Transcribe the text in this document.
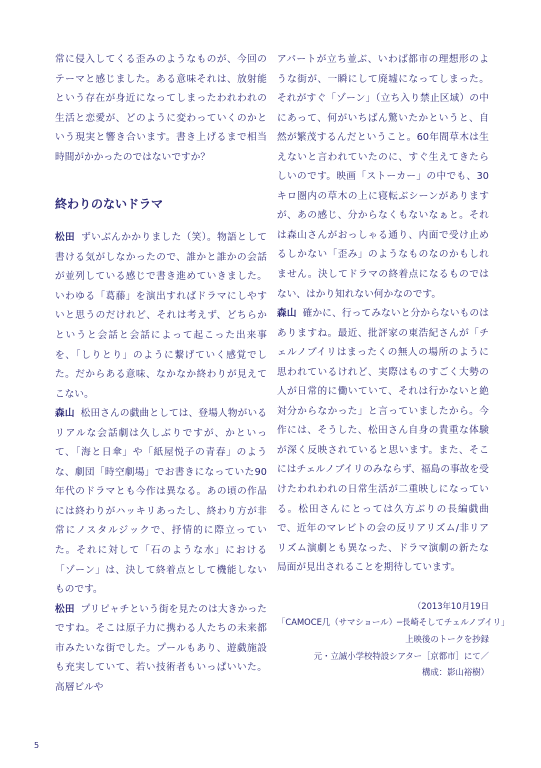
常に侵入してくる歪みのようなものが、今回のテーマと感じました。ある意味それは、放射能という存在が身近になってしまったわれわれの生活と恋愛が、どのように変わっていくのかという現実と響き合います。書き上げるまで相当時間がかかったのではないですか？

終わりのないドラマ

松田 ずいぶんかかりました（笑）。物語として書ける気がしなかったので、誰かと誰かの会話が並列している感じで書き進めていきました。いわゆる「葛藤」を演出すればドラマにしやすいと思うのだけれど、それは考えず、どちらかというと会話と会話によって起こった出来事を、「しりとり」のように繋げていく感覚でした。だからある意味、なかなか終わりが見えてこない。

森山 松田さんの戯曲としては、登場人物がいるリアルな会話劇は久しぶりですが、かといって、「海と日傘」や「紙屋悦子の青春」のような、劇団「時空劇場」でお書きになっていた90年代のドラマとも今作は異なる。あの頃の作品には終わりがハッキリあったし、終わり方が非常にノスタルジックで、抒情的に際立っていた。それに対して「石のような水」における「ゾーン」は、決して終着点として機能しないものです。

松田 プリピャチという街を見たのは大きかったですね。そこは原子力に携わる人たちの未来都市みたいな街でした。プールもあり、遊戯施設も充実していて、若い技術者もいっぱいいた。高層ビルや

アパートが立ち並ぶ、いわば都市の理想形のような街が、一瞬にして廃墟になってしまった。それがすぐ「ゾーン」（立ち入り禁止区域）の中にあって、何がいちばん驚いたかというと、自然が繁茂するんだということ。60年間草木は生えないと言われていたのに、すぐ生えてきたらしいのです。映画「ストーカー」の中でも、30キロ圏内の草木の上に寝転ぶシーンがありますが、あの感じ、分からなくもないなぁと。それは森山さんがおっしゃる通り、内面で受け止めるしかない「歪み」のようなものなのかもしれません。決してドラマの終着点になるものではない、はかり知れない何かなのです。

森山 確かに、行ってみないと分からないものはありますね。最近、批評家の東浩紀さんが「チェルノブイリはまったくの無人の場所のように思われているけれど、実際はものすごく大勢の人が日常的に働いていて、それは行かないと絶対分からなかった」と言っていましたから。今作には、そうした、松田さん自身の貴重な体験が深く反映されていると思います。また、そこにはチェルノブイリのみならず、福島の事故を受けたわれわれの日常生活が二重映しになっている。松田さんにとっては久方ぶりの長編戯曲で、近年のマレビトの会の反リアリズム/非リアリズム演劇とも異なった、ドラマ演劇の新たな局面が見出されることを期待しています。

（2013年10月19日
「CAMOCE几（サマショール）─長崎そしてチェルノブイリ」
上映後のトークを抄録
元・立誠小学校特設シアター［京都市］にて／
構成：影山裕樹）
5
